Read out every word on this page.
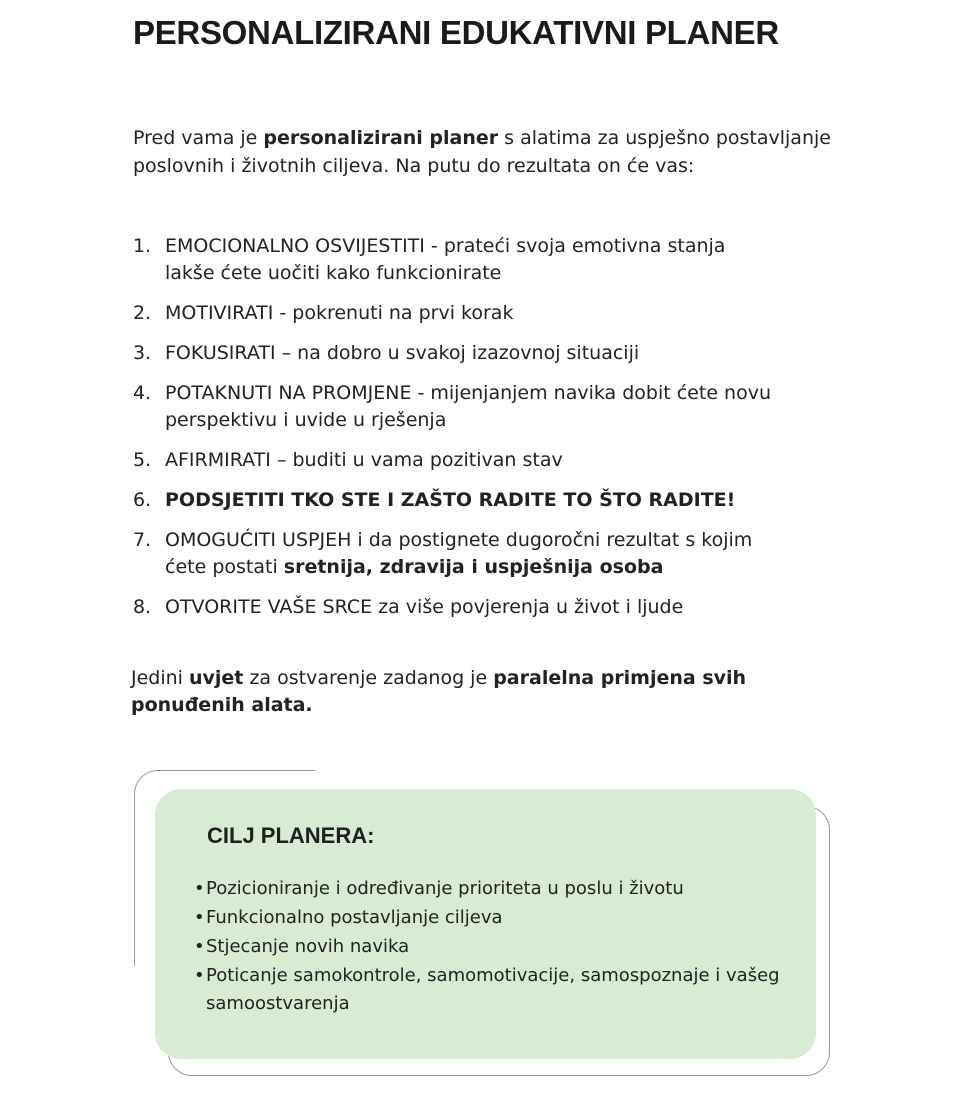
PERSONALIZIRANI EDUKATIVNI PLANER

Pred vama je personalizirani planer s alatima za uspješno postavljanje poslovnih i životnih ciljeva. Na putu do rezultata on će vas:

1. EMOCIONALNO OSVIJESTITI - prateći svoja emotivna stanja lakše ćete uočiti kako funkcionirate
2. MOTIVIRATI - pokrenuti na prvi korak
3. FOKUSIRATI – na dobro u svakoj izazovnoj situaciji
4. POTAKNUTI NA PROMJENE - mijenjanjem navika dobit ćete novu perspektivu i uvide u rješenja
5. AFIRMIRATI – buditi u vama pozitivan stav
6. PODSJETITI TKO STE I ZAŠTO RADITE TO ŠTO RADITE!
7. OMOGUĆITI USPJEH i da postignete dugoročni rezultat s kojim ćete postati sretnija, zdravija i uspješnija osoba
8. OTVORITE VAŠE SRCE za više povjerenja u život i ljude

Jedini uvjet za ostvarenje zadanog je paralelna primjena svih ponuđenih alata.

CILJ PLANERA:
• Pozicioniranje i određivanje prioriteta u poslu i životu
• Funkcionalno postavljanje ciljeva
• Stjecanje novih navika
• Poticanje samokontrole, samomotivacije, samospoznaje i vašeg samoostvarenja
